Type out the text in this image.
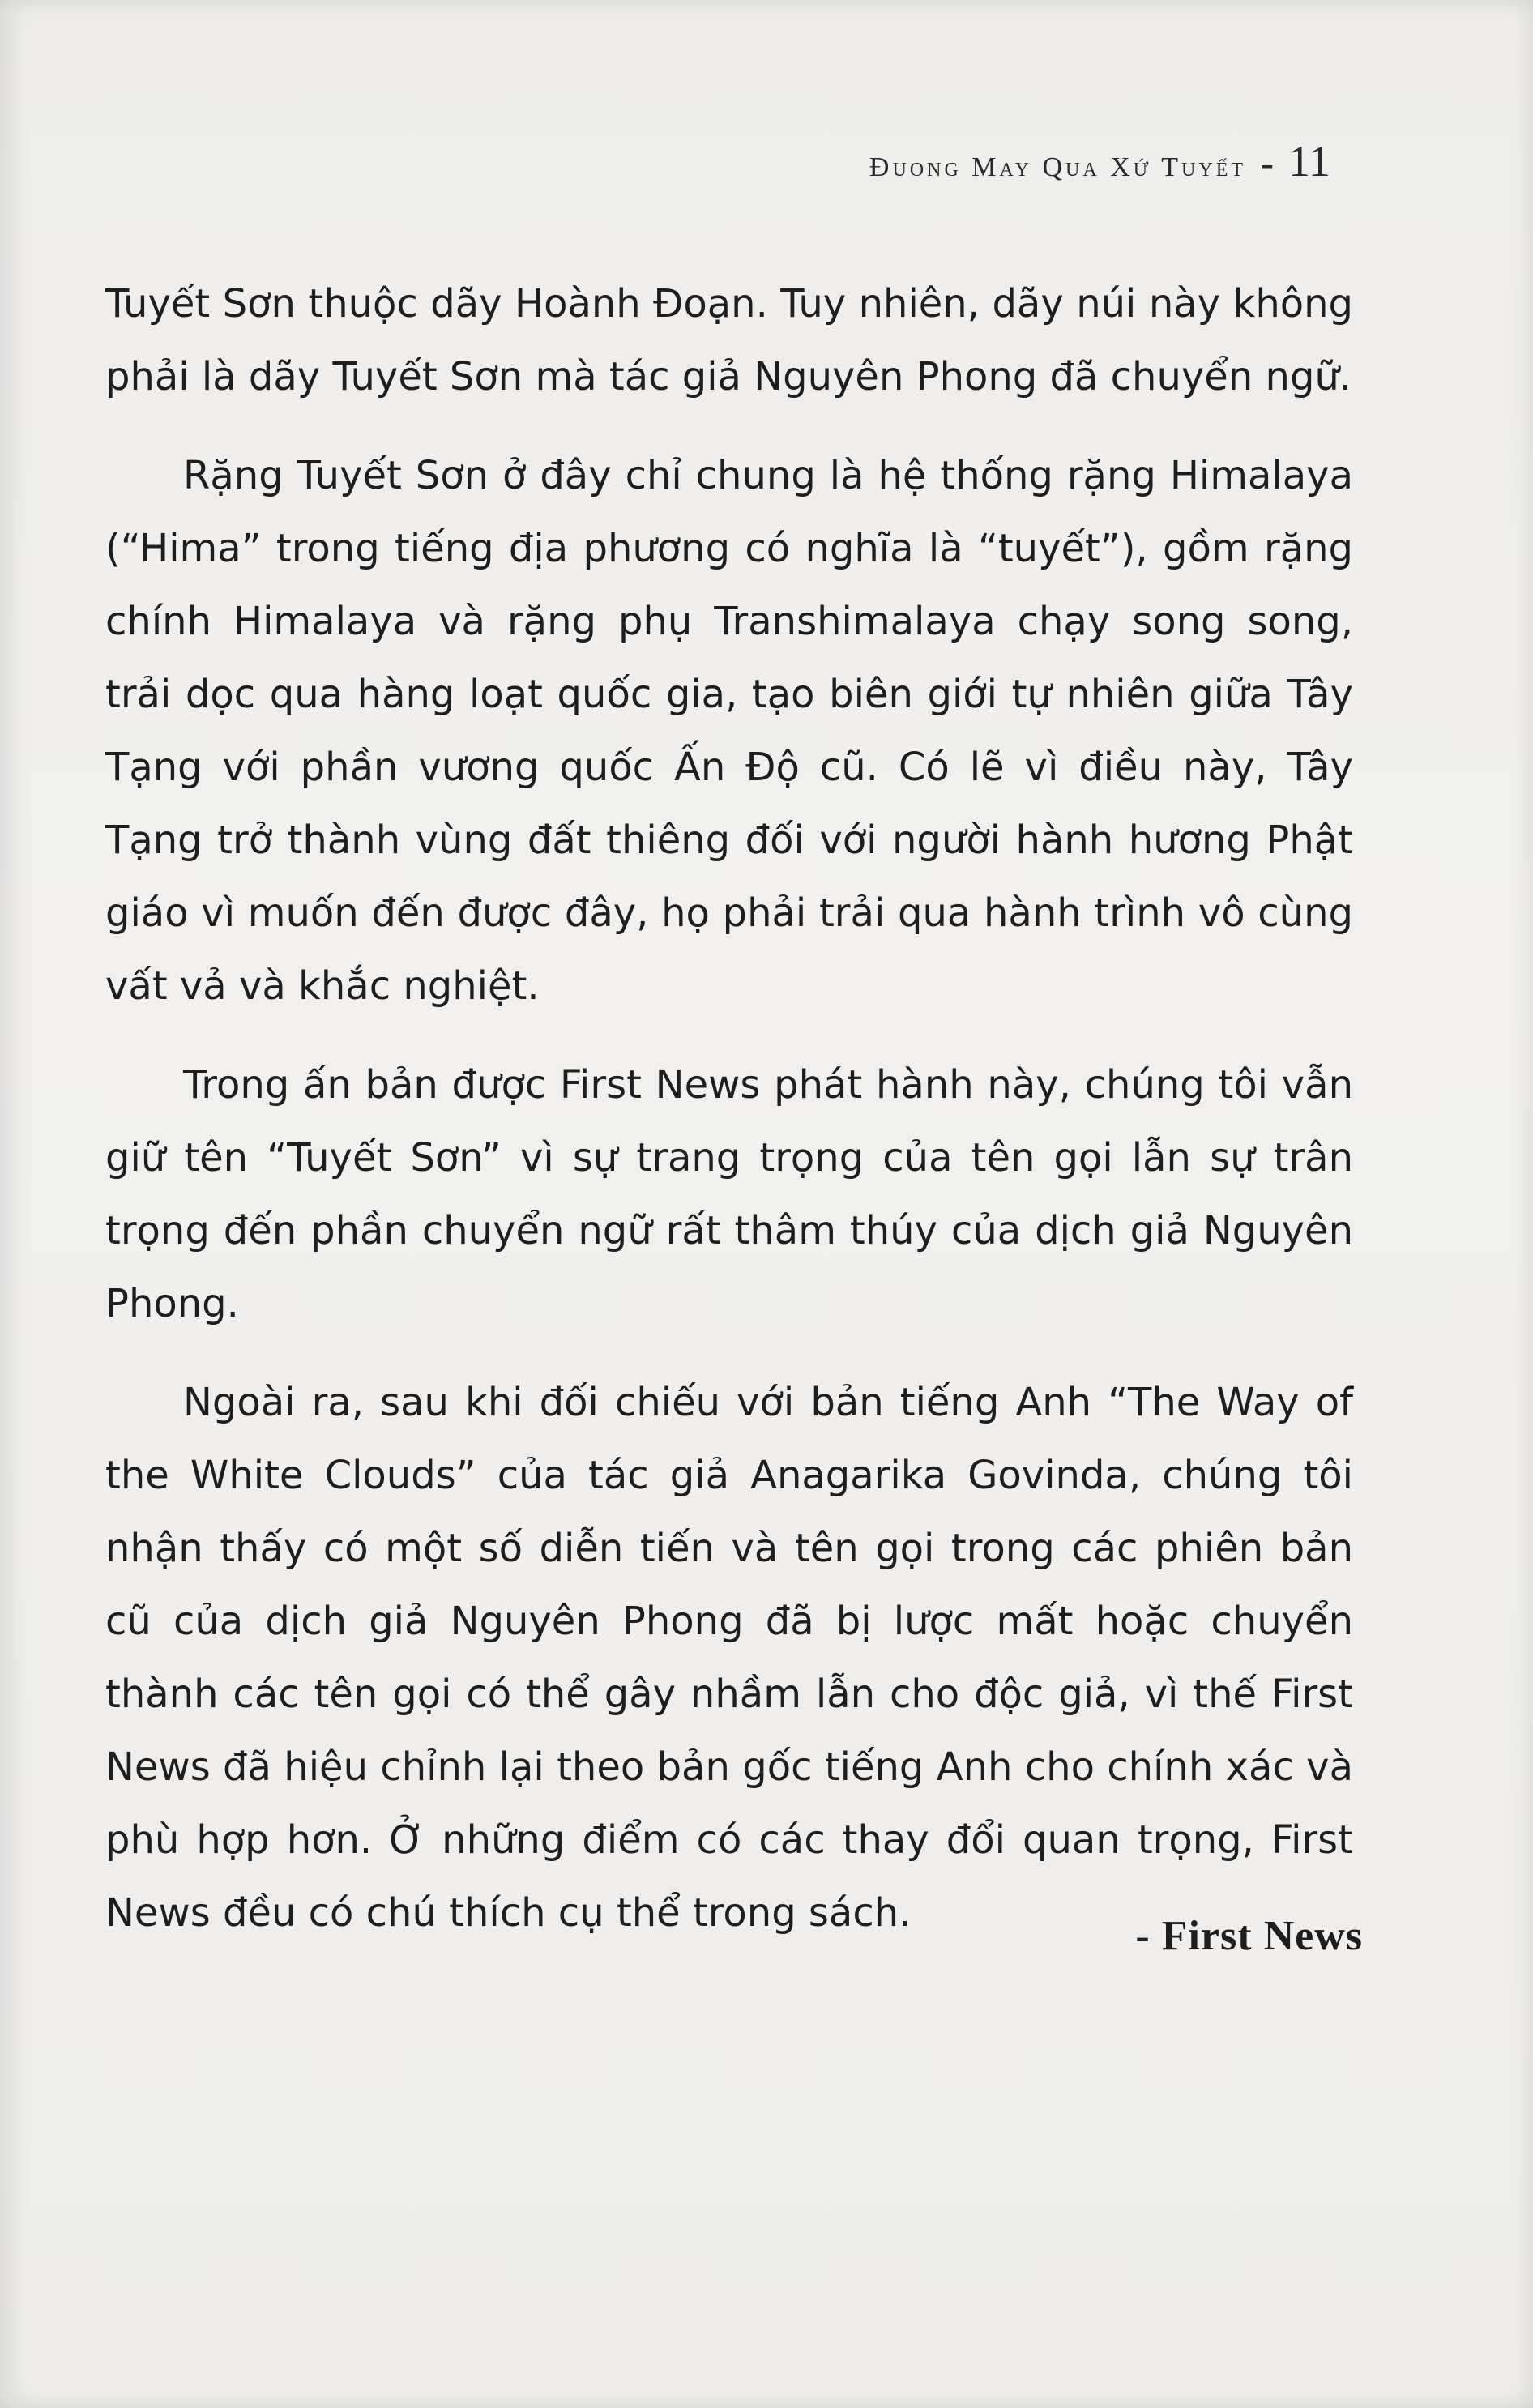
Đuong May Qua Xứ Tuyết - 11

Tuyết Sơn thuộc dãy Hoành Đoạn. Tuy nhiên, dãy núi này không phải là dãy Tuyết Sơn mà tác giả Nguyên Phong đã chuyển ngữ.

Rặng Tuyết Sơn ở đây chỉ chung là hệ thống rặng Himalaya (“Hima” trong tiếng địa phương có nghĩa là “tuyết”), gồm rặng chính Himalaya và rặng phụ Transhimalaya chạy song song, trải dọc qua hàng loạt quốc gia, tạo biên giới tự nhiên giữa Tây Tạng với phần vương quốc Ấn Độ cũ. Có lẽ vì điều này, Tây Tạng trở thành vùng đất thiêng đối với người hành hương Phật giáo vì muốn đến được đây, họ phải trải qua hành trình vô cùng vất vả và khắc nghiệt.

Trong ấn bản được First News phát hành này, chúng tôi vẫn giữ tên “Tuyết Sơn” vì sự trang trọng của tên gọi lẫn sự trân trọng đến phần chuyển ngữ rất thâm thúy của dịch giả Nguyên Phong.

Ngoài ra, sau khi đối chiếu với bản tiếng Anh “The Way of the White Clouds” của tác giả Anagarika Govinda, chúng tôi nhận thấy có một số diễn tiến và tên gọi trong các phiên bản cũ của dịch giả Nguyên Phong đã bị lược mất hoặc chuyển thành các tên gọi có thể gây nhầm lẫn cho độc giả, vì thế First News đã hiệu chỉnh lại theo bản gốc tiếng Anh cho chính xác và phù hợp hơn. Ở những điểm có các thay đổi quan trọng, First News đều có chú thích cụ thể trong sách.	- First News
